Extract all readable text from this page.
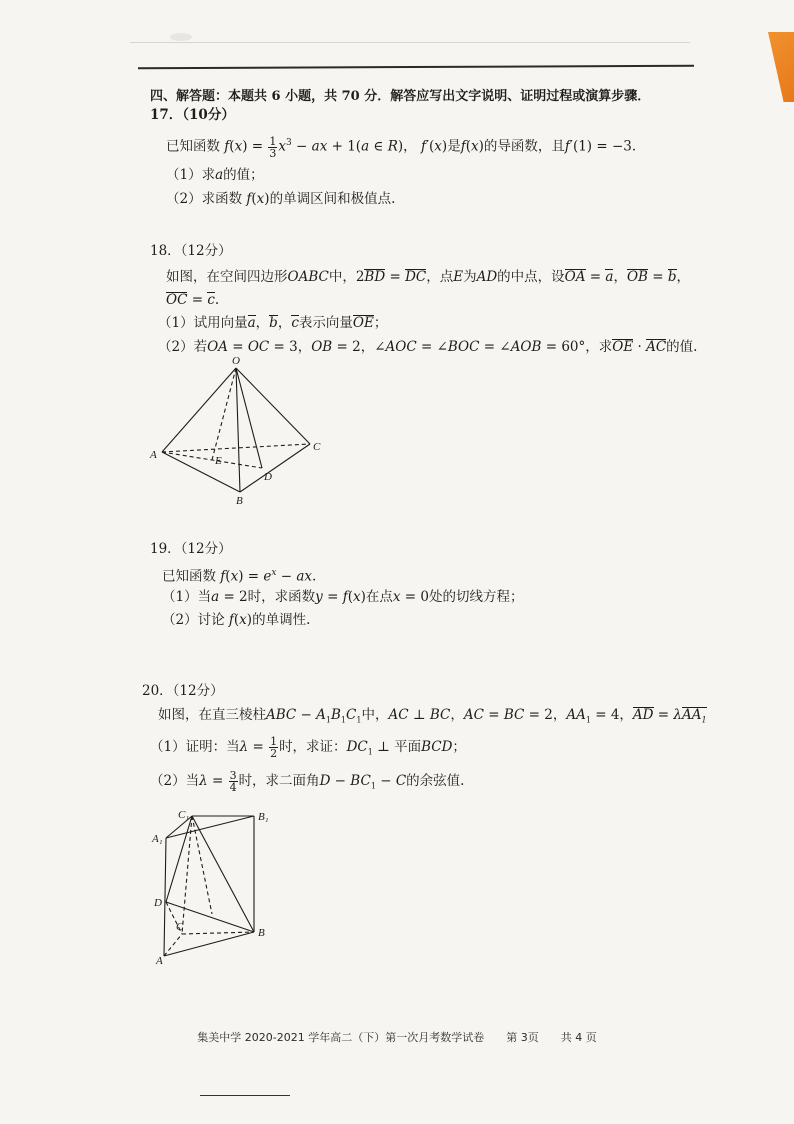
四、解答题：本题共 6 小题，共 70 分．解答应写出文字说明、证明过程或演算步骤．
17．（10分）
已知函数 $f(x) = \frac{1}{3} x^3$ − ax + 1(a ∈ R)， f′(x)是f(x)的导函数，且f′(1) = −3.
（1）求a的值；
（2）求函数 f(x)的单调区间和极值点.
18．（12分）
如图，在空间四边形OABC中，2BD = DC，点E为AD的中点，设OA = a，OB = b，
OC = c.
（1）试用向量a，b，c表示向量OE；
（2）若OA = OC = 3，OB = 2，∠AOC = ∠BOC = ∠AOB = 60°，求OE · AC的值.
O
A	E
D
C
B
19．（12分）
已知函数 $f(x) = e^x$ − ax.
（1）当a = 2时，求函数y = f(x)在点x = 0处的切线方程；
（2）讨论 f(x)的单调性.
20．（12分）
如图，在直三棱柱ABC − $A_1B_1C_1$中，AC ⊥ BC，AC = BC = 2，$AA_1 = 4$，AD = λAA$_1$
（1）证明：当$\lambda = \frac{1}{2}$ 时，求证：$DC_1$ ⊥ 平面BCD；
（2）当$\lambda = \frac{3}{4}$ 时，求二面角$D - BC_1 - C$的余弦值.
C₁	B₁
A₁
D
C	B
A
集美中学 2020-2021 学年高二（下）第一次月考数学试卷　　第 3页　　共 4 页
